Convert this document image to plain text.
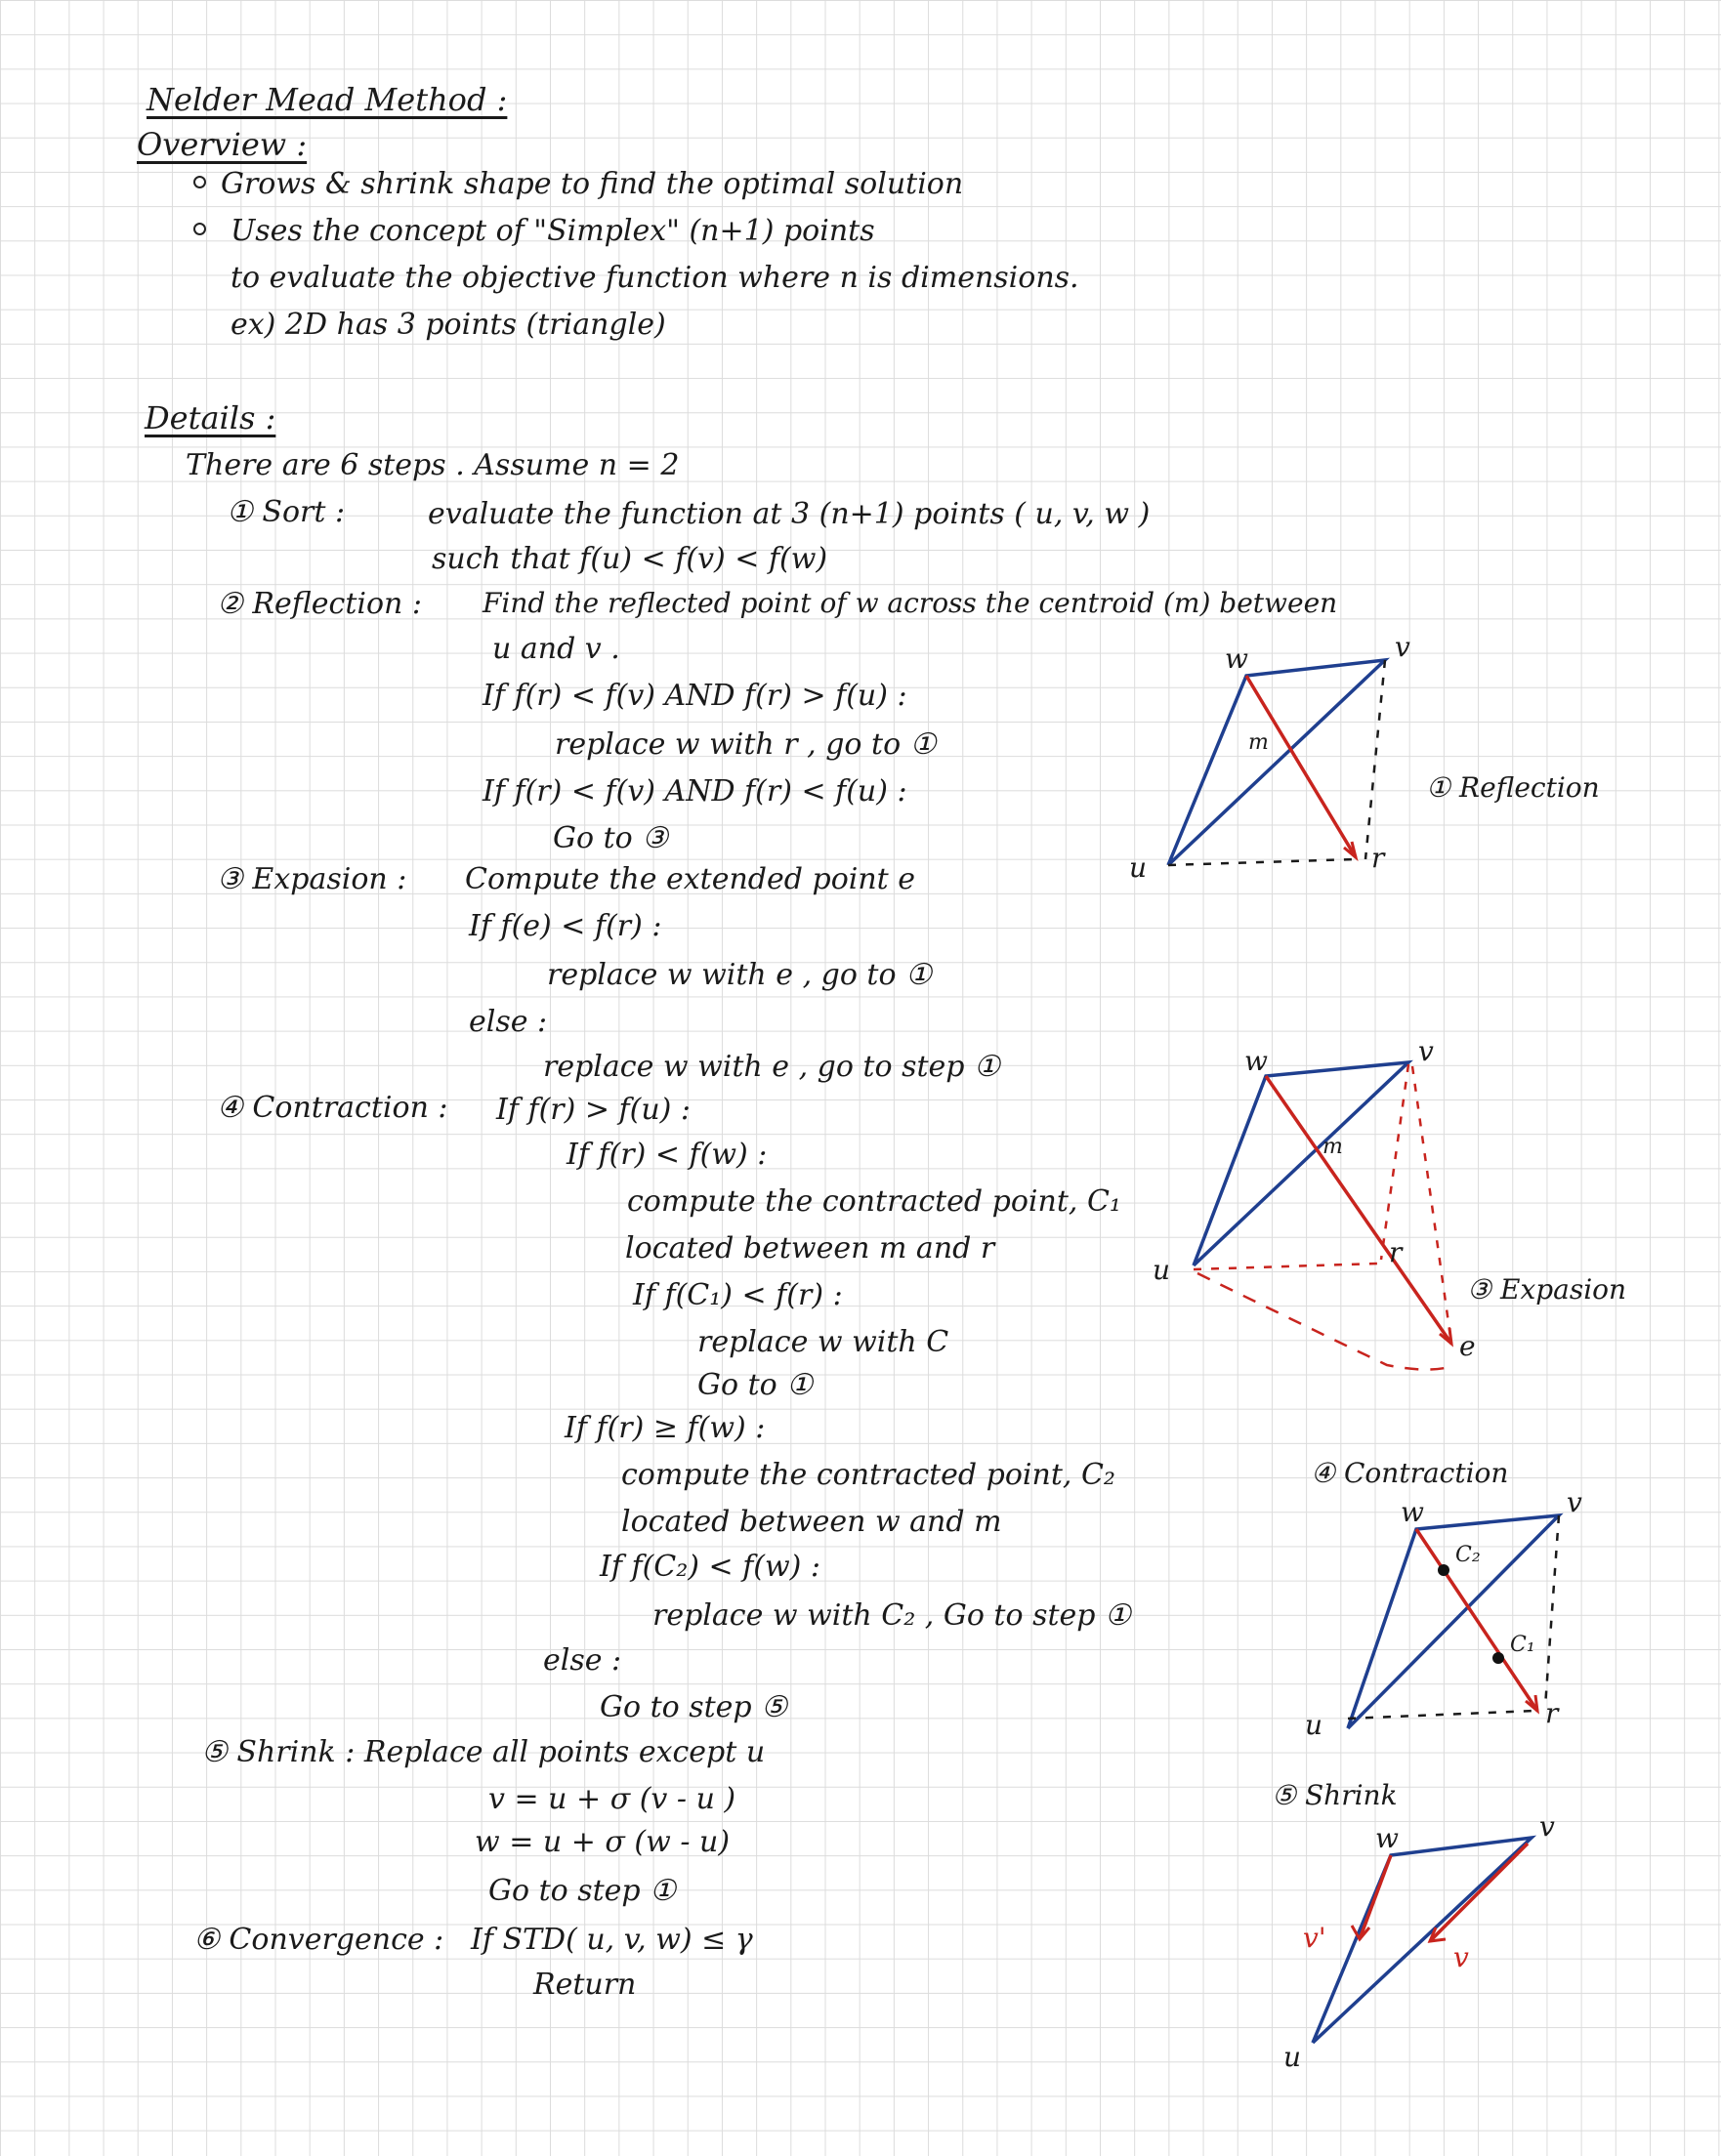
Nelder Mead Method :
Overview :
Grows & shrink shape to find the optimal solution
Uses the concept of "Simplex" (n+1) points
to evaluate the objective function where n is dimensions.
ex) 2D has 3 points (triangle)
Details :
There are 6 steps . Assume n = 2
① Sort :	evaluate the function at 3 (n+1) points ( u, v, w )
such that f(u) < f(v) < f(w)
② Reflection : Find the reflected point of w across the centroid (m) between
u and v .
If f(r) < f(v) AND f(r) > f(u) :
replace w with r , go to ①
If f(r) < f(v) AND f(r) < f(u) :
Go to ③
③ Expasion : Compute the extended point e
If f(e) < f(r) :
replace w with e , go to ①
else :
replace w with e , go to step ①
④ Contraction : If f(r) > f(u) :
If f(r) < f(w) :
compute the contracted point, C₁
located between m and r
If f(C₁) < f(r) :
replace w with C
Go to ①
If f(r) ≥ f(w) :
compute the contracted point, C₂
located between w and m
If f(C₂) < f(w) :
replace w with C₂ , Go to step ①
else :
Go to step ⑤
⑤ Shrink : Replace all points except u
v = u + σ (v - u )
w = u + σ (w - u)
Go to step ①
⑥ Convergence : If STD( u, v, w) ≤ γ
Return
w	v
m
u	r
① Reflection
w	v
m
u
r
e
③ Expasion
④ Contraction
w	v
C₂
C₁
u	r
⑤ Shrink
w	v
v'
v
u
